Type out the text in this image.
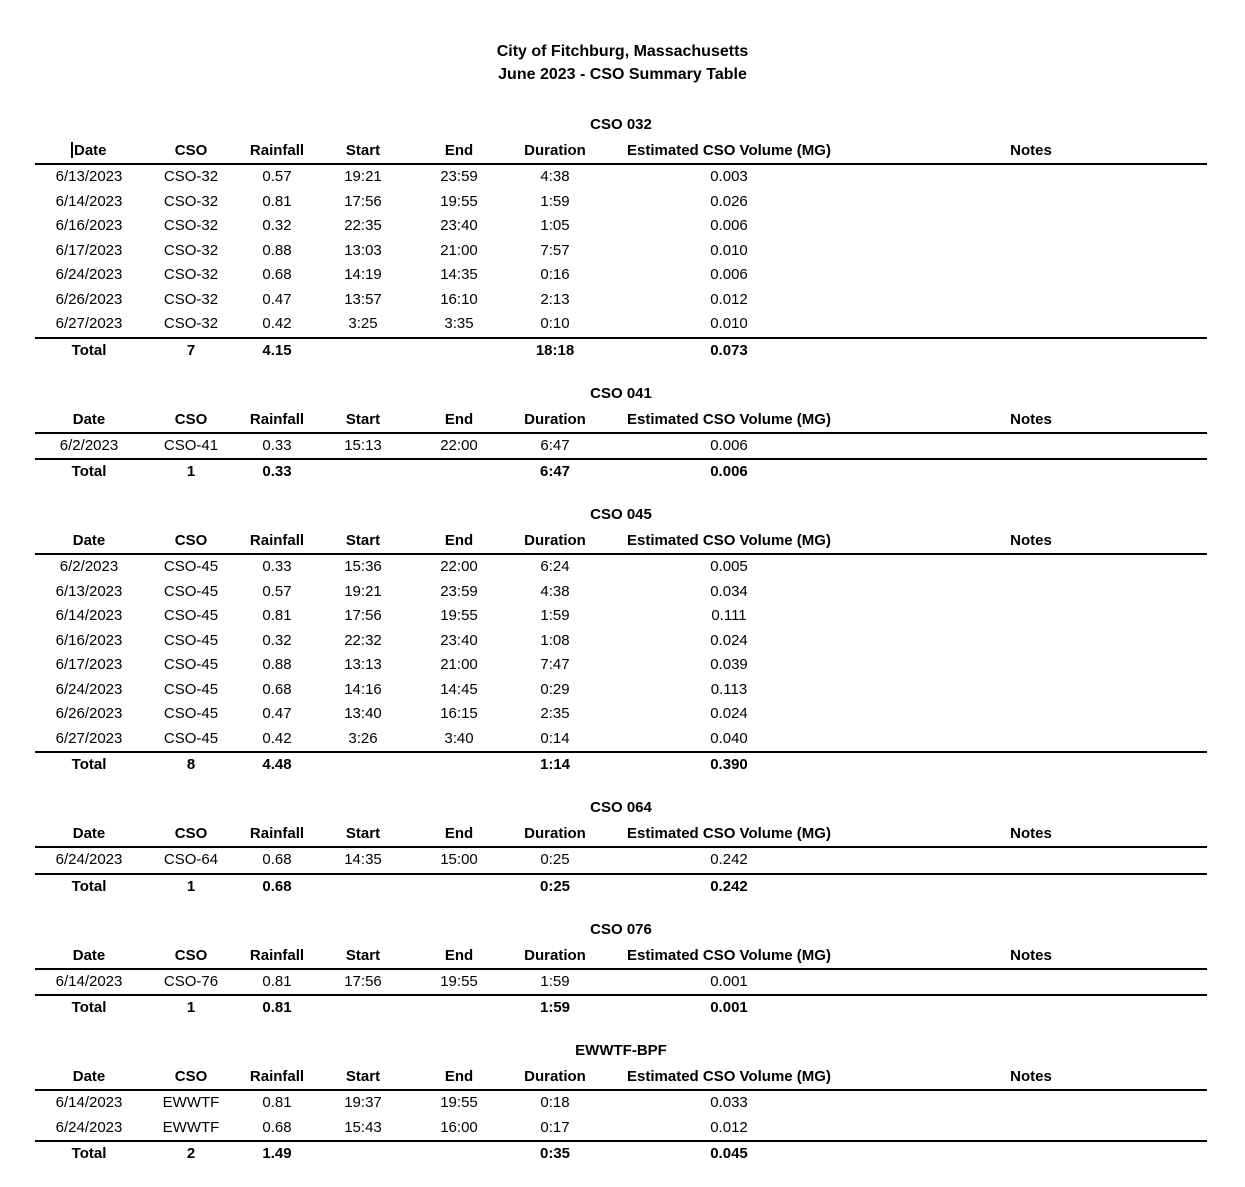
City of Fitchburg, Massachusetts
June 2023 - CSO Summary Table
CSO 032
Date	CSO	Rainfall	Start	End	Duration	Estimated CSO Volume (MG)	Notes
6/13/2023	CSO-32	0.57	19:21	23:59	4:38	0.003	
6/14/2023	CSO-32	0.81	17:56	19:55	1:59	0.026	
6/16/2023	CSO-32	0.32	22:35	23:40	1:05	0.006	
6/17/2023	CSO-32	0.88	13:03	21:00	7:57	0.010	
6/24/2023	CSO-32	0.68	14:19	14:35	0:16	0.006	
6/26/2023	CSO-32	0.47	13:57	16:10	2:13	0.012	
6/27/2023	CSO-32	0.42	3:25	3:35	0:10	0.010	
Total	7	4.15			18:18	0.073	
CSO 041
Date	CSO	Rainfall	Start	End	Duration	Estimated CSO Volume (MG)	Notes
6/2/2023	CSO-41	0.33	15:13	22:00	6:47	0.006	
Total	1	0.33			6:47	0.006	
CSO 045
Date	CSO	Rainfall	Start	End	Duration	Estimated CSO Volume (MG)	Notes
6/2/2023	CSO-45	0.33	15:36	22:00	6:24	0.005	
6/13/2023	CSO-45	0.57	19:21	23:59	4:38	0.034	
6/14/2023	CSO-45	0.81	17:56	19:55	1:59	0.111	
6/16/2023	CSO-45	0.32	22:32	23:40	1:08	0.024	
6/17/2023	CSO-45	0.88	13:13	21:00	7:47	0.039	
6/24/2023	CSO-45	0.68	14:16	14:45	0:29	0.113	
6/26/2023	CSO-45	0.47	13:40	16:15	2:35	0.024	
6/27/2023	CSO-45	0.42	3:26	3:40	0:14	0.040	
Total	8	4.48			1:14	0.390	
CSO 064
Date	CSO	Rainfall	Start	End	Duration	Estimated CSO Volume (MG)	Notes
6/24/2023	CSO-64	0.68	14:35	15:00	0:25	0.242	
Total	1	0.68			0:25	0.242	
CSO 076
Date	CSO	Rainfall	Start	End	Duration	Estimated CSO Volume (MG)	Notes
6/14/2023	CSO-76	0.81	17:56	19:55	1:59	0.001	
Total	1	0.81			1:59	0.001	
EWWTF-BPF
Date	CSO	Rainfall	Start	End	Duration	Estimated CSO Volume (MG)	Notes
6/14/2023	EWWTF	0.81	19:37	19:55	0:18	0.033	
6/24/2023	EWWTF	0.68	15:43	16:00	0:17	0.012	
Total	2	1.49			0:35	0.045	
